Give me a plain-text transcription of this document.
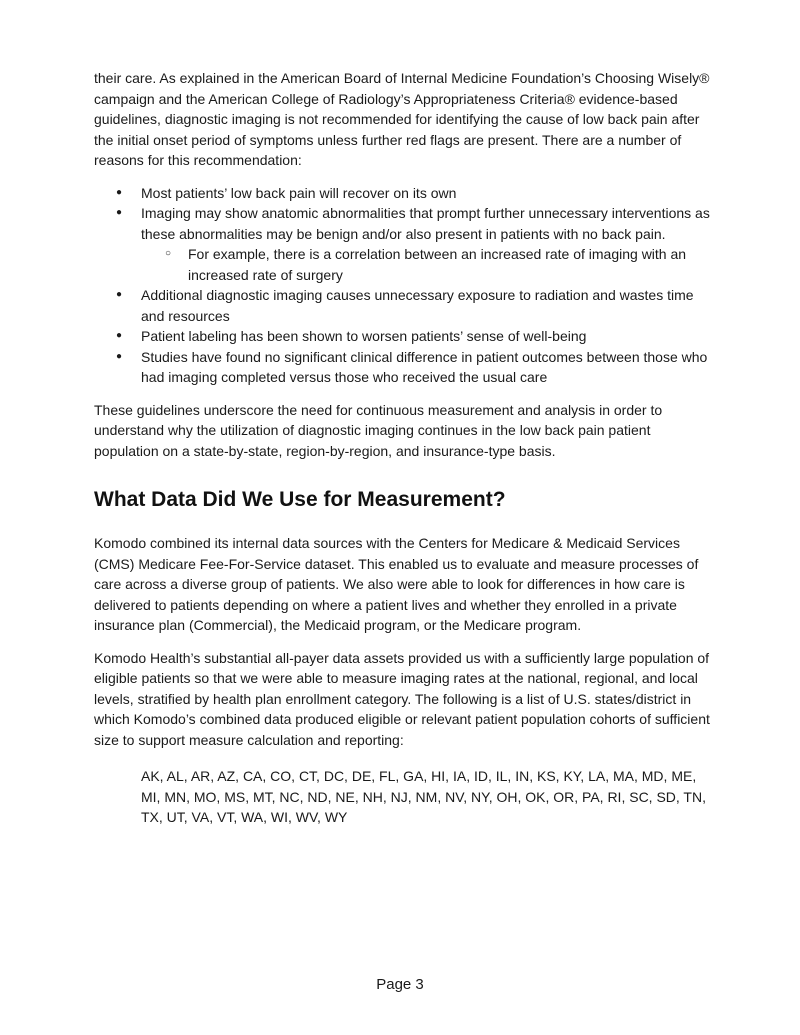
their care. As explained in the American Board of Internal Medicine Foundation’s Choosing Wisely® campaign and the American College of Radiology’s Appropriateness Criteria® evidence-based guidelines, diagnostic imaging is not recommended for identifying the cause of low back pain after the initial onset period of symptoms unless further red flags are present. There are a number of reasons for this recommendation:

● Most patients’ low back pain will recover on its own
● Imaging may show anatomic abnormalities that prompt further unnecessary interventions as these abnormalities may be benign and/or also present in patients with no back pain.
○ For example, there is a correlation between an increased rate of imaging with an increased rate of surgery
● Additional diagnostic imaging causes unnecessary exposure to radiation and wastes time and resources
● Patient labeling has been shown to worsen patients’ sense of well-being
● Studies have found no significant clinical difference in patient outcomes between those who had imaging completed versus those who received the usual care

These guidelines underscore the need for continuous measurement and analysis in order to understand why the utilization of diagnostic imaging continues in the low back pain patient population on a state-by-state, region-by-region, and insurance-type basis.

What Data Did We Use for Measurement?

Komodo combined its internal data sources with the Centers for Medicare & Medicaid Services (CMS) Medicare Fee-For-Service dataset. This enabled us to evaluate and measure processes of care across a diverse group of patients. We also were able to look for differences in how care is delivered to patients depending on where a patient lives and whether they enrolled in a private insurance plan (Commercial), the Medicaid program, or the Medicare program.

Komodo Health’s substantial all-payer data assets provided us with a sufficiently large population of eligible patients so that we were able to measure imaging rates at the national, regional, and local levels, stratified by health plan enrollment category. The following is a list of U.S. states/district in which Komodo’s combined data produced eligible or relevant patient population cohorts of sufficient size to support measure calculation and reporting:

AK, AL, AR, AZ, CA, CO, CT, DC, DE, FL, GA, HI, IA, ID, IL, IN, KS, KY, LA, MA, MD, ME, MI, MN, MO, MS, MT, NC, ND, NE, NH, NJ, NM, NV, NY, OH, OK, OR, PA, RI, SC, SD, TN, TX, UT, VA, VT, WA, WI, WV, WY

Page 3
